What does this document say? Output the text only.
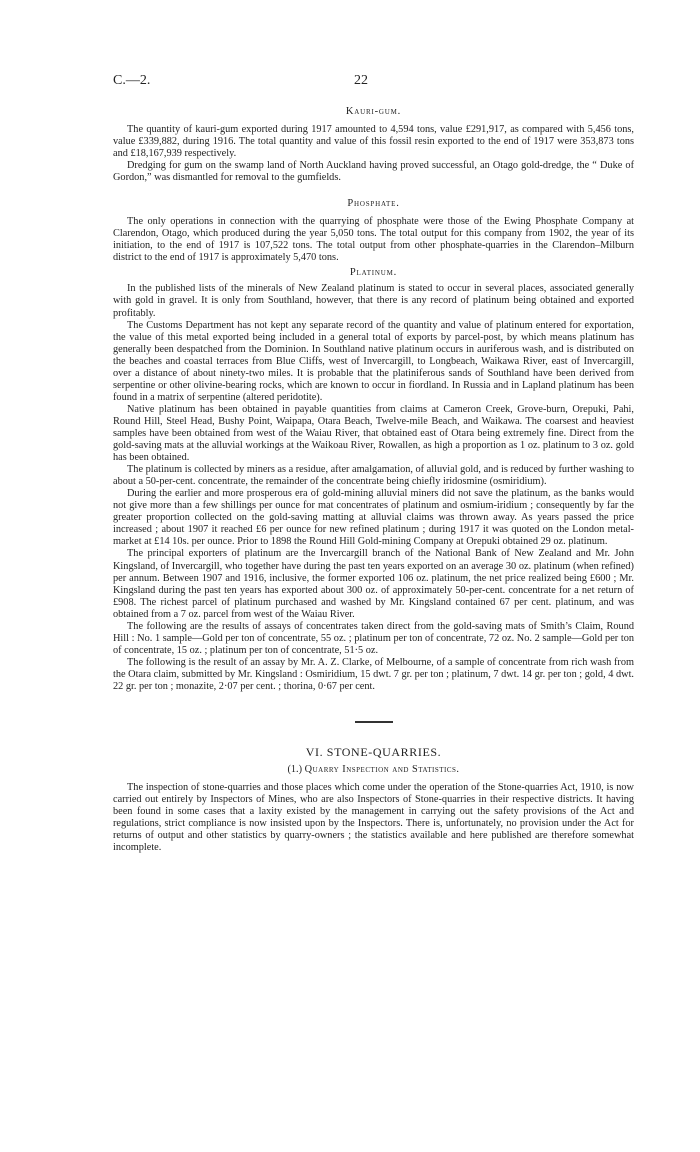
C.—2.	22
Kauri-gum.

The quantity of kauri-gum exported during 1917 amounted to 4,594 tons, value £291,917, as compared with 5,456 tons, value £339,882, during 1916. The total quantity and value of this fossil resin exported to the end of 1917 were 353,873 tons and £18,167,939 respectively.

Dredging for gum on the swamp land of North Auckland having proved successful, an Otago gold-dredge, the “ Duke of Gordon,” was dismantled for removal to the gumfields.

Phosphate.

The only operations in connection with the quarrying of phosphate were those of the Ewing Phosphate Company at Clarendon, Otago, which produced during the year 5,050 tons. The total output for this company from 1902, the year of its initiation, to the end of 1917 is 107,522 tons. The total output from other phosphate-quarries in the Clarendon–Milburn district to the end of 1917 is approximately 5,470 tons.

Platinum.

In the published lists of the minerals of New Zealand platinum is stated to occur in several places, associated generally with gold in gravel. It is only from Southland, however, that there is any record of platinum being obtained and exported profitably.

The Customs Department has not kept any separate record of the quantity and value of platinum entered for exportation, the value of this metal exported being included in a general total of exports by parcel-post, by which means platinum has generally been despatched from the Dominion. In Southland native platinum occurs in auriferous wash, and is distributed on the beaches and coastal terraces from Blue Cliffs, west of Invercargill, to Longbeach, Waikawa River, east of Invercargill, over a distance of about ninety-two miles. It is probable that the platiniferous sands of Southland have been derived from serpentine or other olivine-bearing rocks, which are known to occur in fiordland. In Russia and in Lapland platinum has been found in a matrix of serpentine (altered peridotite).

Native platinum has been obtained in payable quantities from claims at Cameron Creek, Grove-burn, Orepuki, Pahi, Round Hill, Steel Head, Bushy Point, Waipapa, Otara Beach, Twelve-mile Beach, and Waikawa. The coarsest and heaviest samples have been obtained from west of the Waiau River, that obtained east of Otara being extremely fine. Direct from the gold-saving mats at the alluvial workings at the Waikoau River, Rowallen, as high a proportion as 1 oz. platinum to 3 oz. gold has been obtained.

The platinum is collected by miners as a residue, after amalgamation, of alluvial gold, and is reduced by further washing to about a 50-per-cent. concentrate, the remainder of the concentrate being chiefly iridosmine (osmiridium).

During the earlier and more prosperous era of gold-mining alluvial miners did not save the platinum, as the banks would not give more than a few shillings per ounce for mat concentrates of platinum and osmium-iridium ; consequently by far the greater proportion collected on the gold-saving matting at alluvial claims was thrown away. As years passed the price increased ; about 1907 it reached £6 per ounce for new refined platinum ; during 1917 it was quoted on the London metal-market at £14 10s. per ounce. Prior to 1898 the Round Hill Gold-mining Company at Orepuki obtained 29 oz. platinum.

The principal exporters of platinum are the Invercargill branch of the National Bank of New Zealand and Mr. John Kingsland, of Invercargill, who together have during the past ten years exported on an average 30 oz. platinum (when refined) per annum. Between 1907 and 1916, inclusive, the former exported 106 oz. platinum, the net price realized being £600 ; Mr. Kingsland during the past ten years has exported about 300 oz. of approximately 50-per-cent. concentrate for a net return of £908. The richest parcel of platinum purchased and washed by Mr. Kingsland contained 67 per cent. platinum, and was obtained from a 7 oz. parcel from west of the Waiau River.

The following are the results of assays of concentrates taken direct from the gold-saving mats of Smith’s Claim, Round Hill : No. 1 sample—Gold per ton of concentrate, 55 oz. ; platinum per ton of concentrate, 72 oz. No. 2 sample—Gold per ton of concentrate, 15 oz. ; platinum per ton of concentrate, 51·5 oz.

The following is the result of an assay by Mr. A. Z. Clarke, of Melbourne, of a sample of concentrate from rich wash from the Otara claim, submitted by Mr. Kingsland : Osmiridium, 15 dwt. 7 gr. per ton ; platinum, 7 dwt. 14 gr. per ton ; gold, 4 dwt. 22 gr. per ton ; monazite, 2·07 per cent. ; thorina, 0·67 per cent.

VI. STONE-QUARRIES.
(1.) Quarry Inspection and Statistics.

The inspection of stone-quarries and those places which come under the operation of the Stone-quarries Act, 1910, is now carried out entirely by Inspectors of Mines, who are also Inspectors of Stone-quarries in their respective districts. It having been found in some cases that a laxity existed by the management in carrying out the safety provisions of the Act and regulations, strict compliance is now insisted upon by the Inspectors. There is, unfortunately, no provision under the Act for returns of output and other statistics by quarry-owners ; the statistics available and here published are therefore somewhat incomplete.
